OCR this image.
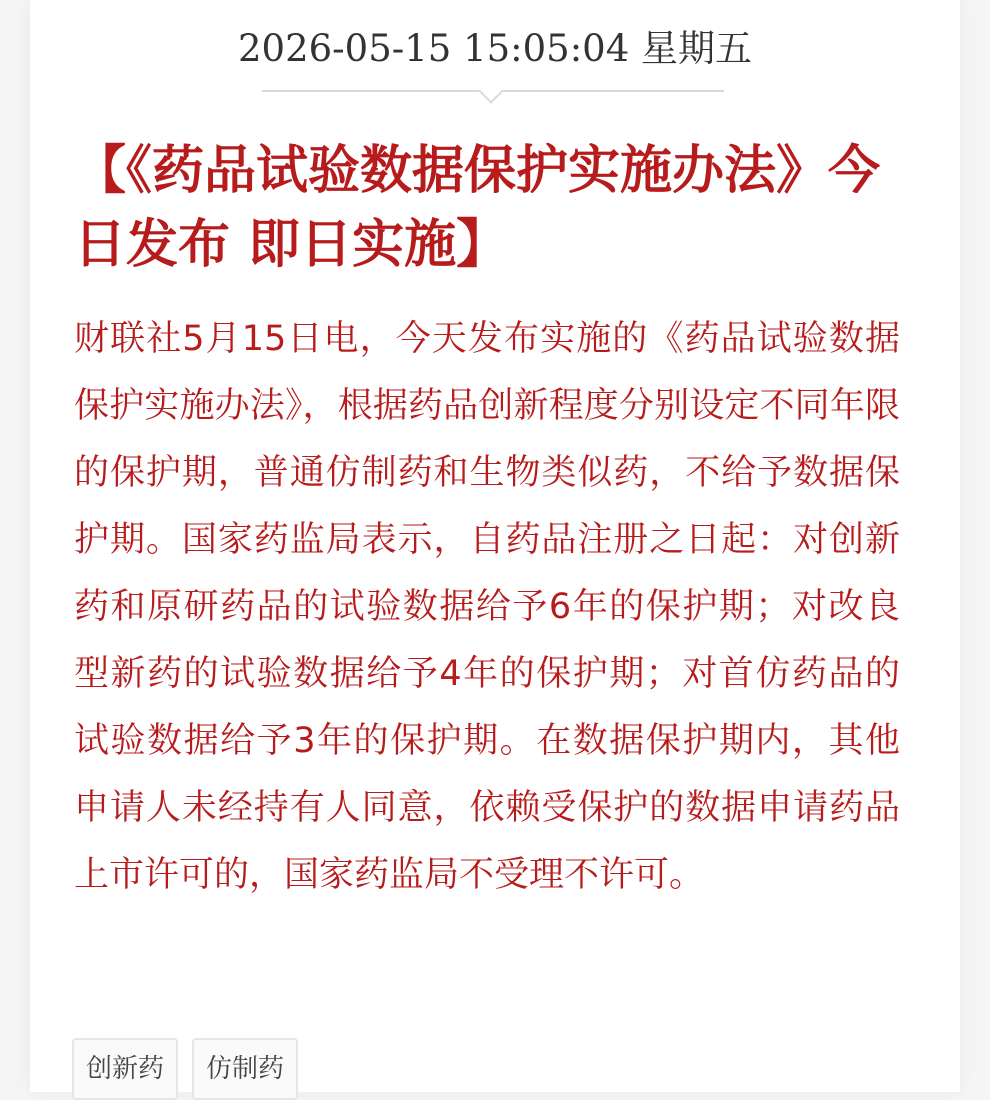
2026-05-15 15:05:04 星期五
【《药品试验数据保护实施办法》今日发布 即日实施】

财联社5月15日电，今天发布实施的《药品试验数据保护实施办法》，根据药品创新程度分别设定不同年限的保护期，普通仿制药和生物类似药，不给予数据保护期。国家药监局表示，自药品注册之日起：对创新药和原研药品的试验数据给予6年的保护期；对改良型新药的试验数据给予4年的保护期；对首仿药品的试验数据给予3年的保护期。在数据保护期内，其他申请人未经持有人同意，依赖受保护的数据申请药品上市许可的，国家药监局不受理不许可。

创新药	仿制药
